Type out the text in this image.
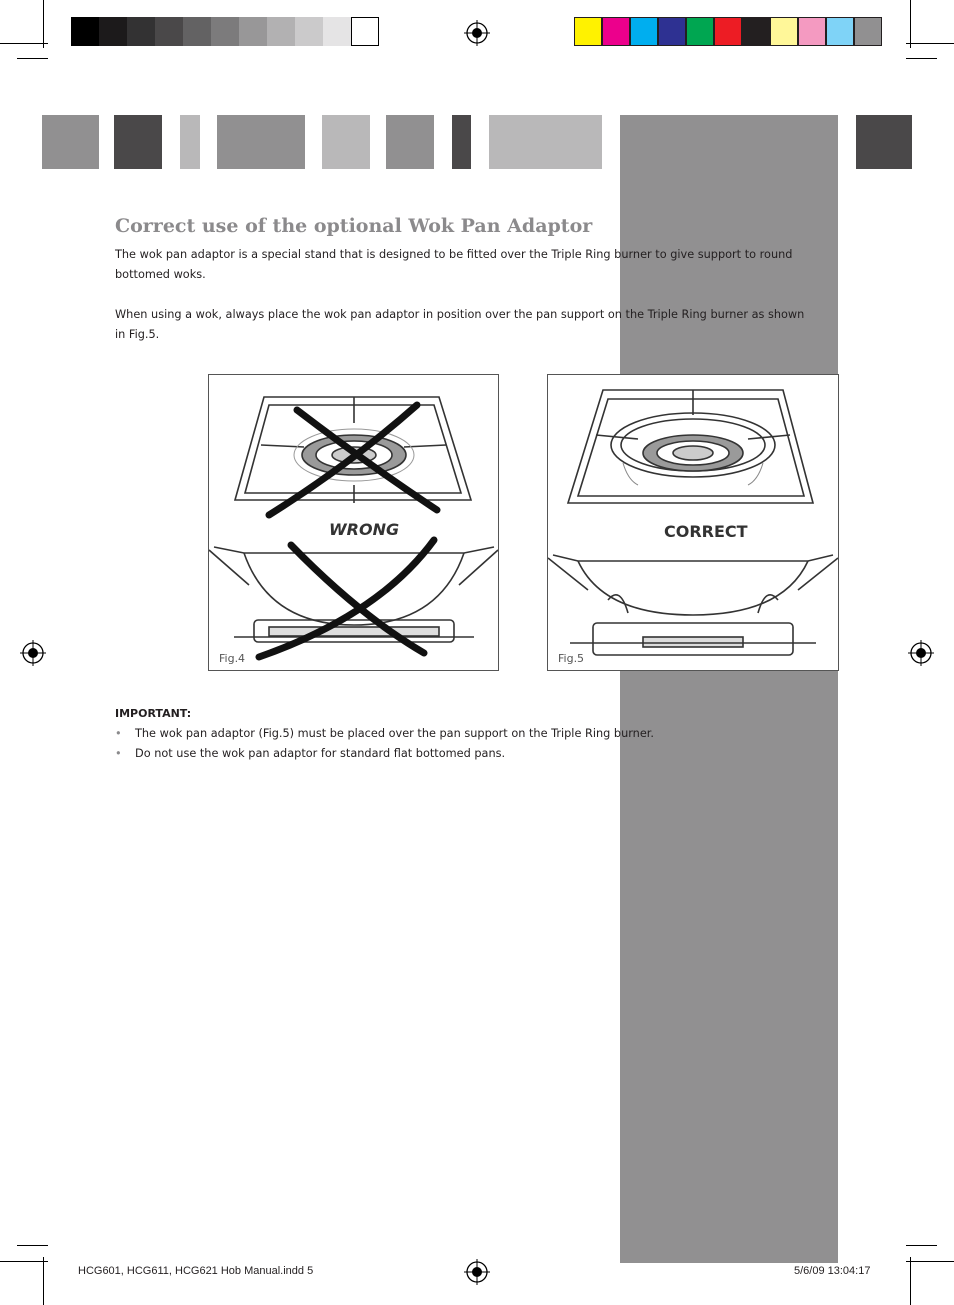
Correct use of the optional Wok Pan Adaptor
The wok pan adaptor is a special stand that is designed to be fitted over the Triple Ring burner to give support to round bottomed woks.
When using a wok, always place the wok pan adaptor in position over the pan support on the Triple Ring burner as shown in Fig.5.
WRONG
Fig.4
CORRECT
Fig.5
IMPORTANT:
• The wok pan adaptor (Fig.5) must be placed over the pan support on the Triple Ring burner.
• Do not use the wok pan adaptor for standard flat bottomed pans.
HCG601, HCG611, HCG621 Hob Manual.indd 5	5/6/09 13:04:17
